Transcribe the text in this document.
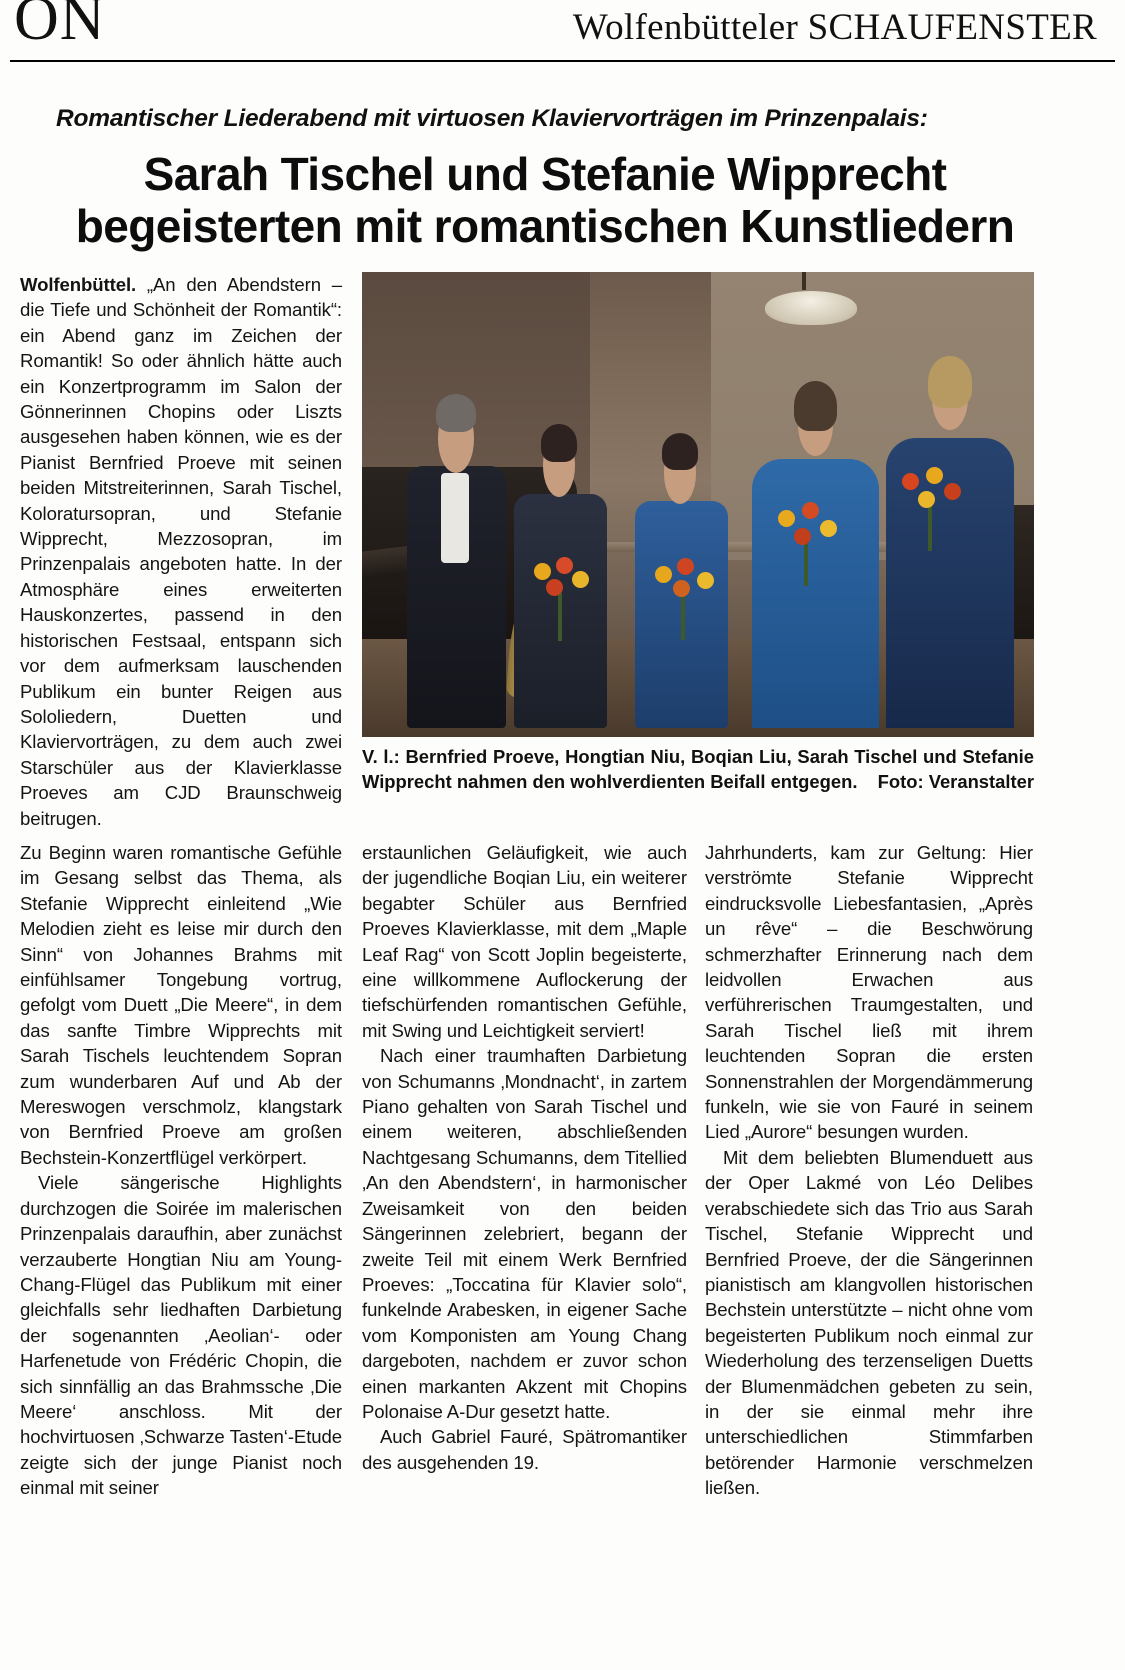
ON	Wolfenbütteler SCHAUFENSTER
Romantischer Liederabend mit virtuosen Klaviervorträgen im Prinzenpalais:
Sarah Tischel und Stefanie Wipprecht begeisterten mit romantischen Kunstliedern

Wolfenbüttel. „An den Abendstern – die Tiefe und Schönheit der Romantik“: ein Abend ganz im Zeichen der Romantik! So oder ähnlich hätte auch ein Konzertprogramm im Salon der Gönnerinnen Chopins oder Liszts ausgesehen haben können, wie es der Pianist Bernfried Proeve mit seinen beiden Mitstreiterinnen, Sarah Tischel, Koloratursopran, und Stefanie Wipprecht, Mezzosopran, im Prinzenpalais angeboten hatte. In der Atmosphäre eines erweiterten Hauskonzertes, passend in den historischen Festsaal, entspann sich vor dem aufmerksam lauschenden Publikum ein bunter Reigen aus Sololiedern, Duetten und Klaviervorträgen, zu dem auch zwei Starschüler aus der Klavierklasse Proeves am CJD Braunschweig beitrugen.

V. l.: Bernfried Proeve, Hongtian Niu, Boqian Liu, Sarah Tischel und Stefanie Wipprecht nahmen den wohlverdienten Beifall entgegen. Foto: Veranstalter

Zu Beginn waren romantische Gefühle im Gesang selbst das Thema, als Stefanie Wipprecht einleitend „Wie Melodien zieht es leise mir durch den Sinn“ von Johannes Brahms mit einfühlsamer Tongebung vortrug, gefolgt vom Duett „Die Meere“, in dem das sanfte Timbre Wipprechts mit Sarah Tischels leuchtendem Sopran zum wunderbaren Auf und Ab der Mereswogen verschmolz, klangstark von Bernfried Proeve am großen Bechstein-Konzertflügel verkörpert.

Viele sängerische Highlights durchzogen die Soirée im malerischen Prinzenpalais daraufhin, aber zunächst verzauberte Hongtian Niu am Young-Chang-Flügel das Publikum mit einer gleichfalls sehr liedhaften Darbietung der sogenannten ‚Aeolian‘- oder Harfenetude von Frédéric Chopin, die sich sinnfällig an das Brahmssche ‚Die Meere‘ anschloss. Mit der hochvirtuosen ‚Schwarze Tasten‘-Etude zeigte sich der junge Pianist noch einmal mit seiner

erstaunlichen Geläufigkeit, wie auch der jugendliche Boqian Liu, ein weiterer begabter Schüler aus Bernfried Proeves Klavierklasse, mit dem „Maple Leaf Rag“ von Scott Joplin begeisterte, eine willkommene Auflockerung der tiefschürfenden romantischen Gefühle, mit Swing und Leichtigkeit serviert!

Nach einer traumhaften Darbietung von Schumanns ‚Mondnacht‘, in zartem Piano gehalten von Sarah Tischel und einem weiteren, abschließenden Nachtgesang Schumanns, dem Titellied ‚An den Abendstern‘, in harmonischer Zweisamkeit von den beiden Sängerinnen zelebriert, begann der zweite Teil mit einem Werk Bernfried Proeves: „Toccatina für Klavier solo“, funkelnde Arabesken, in eigener Sache vom Komponisten am Young Chang dargeboten, nachdem er zuvor schon einen markanten Akzent mit Chopins Polonaise A-Dur gesetzt hatte.

Auch Gabriel Fauré, Spätromantiker des ausgehenden 19.

Jahrhunderts, kam zur Geltung: Hier verströmte Stefanie Wipprecht eindrucksvolle Liebesfantasien, „Après un rêve“ – die Beschwörung schmerzhafter Erinnerung nach dem leidvollen Erwachen aus verführerischen Traumgestalten, und Sarah Tischel ließ mit ihrem leuchtenden Sopran die ersten Sonnenstrahlen der Morgendämmerung funkeln, wie sie von Fauré in seinem Lied „Aurore“ besungen wurden.

Mit dem beliebten Blumenduett aus der Oper Lakmé von Léo Delibes verabschiedete sich das Trio aus Sarah Tischel, Stefanie Wipprecht und Bernfried Proeve, der die Sängerinnen pianistisch am klangvollen historischen Bechstein unterstützte – nicht ohne vom begeisterten Publikum noch einmal zur Wiederholung des terzenseligen Duetts der Blumenmädchen gebeten zu sein, in der sie einmal mehr ihre unterschiedlichen Stimmfarben betörender Harmonie verschmelzen ließen.
